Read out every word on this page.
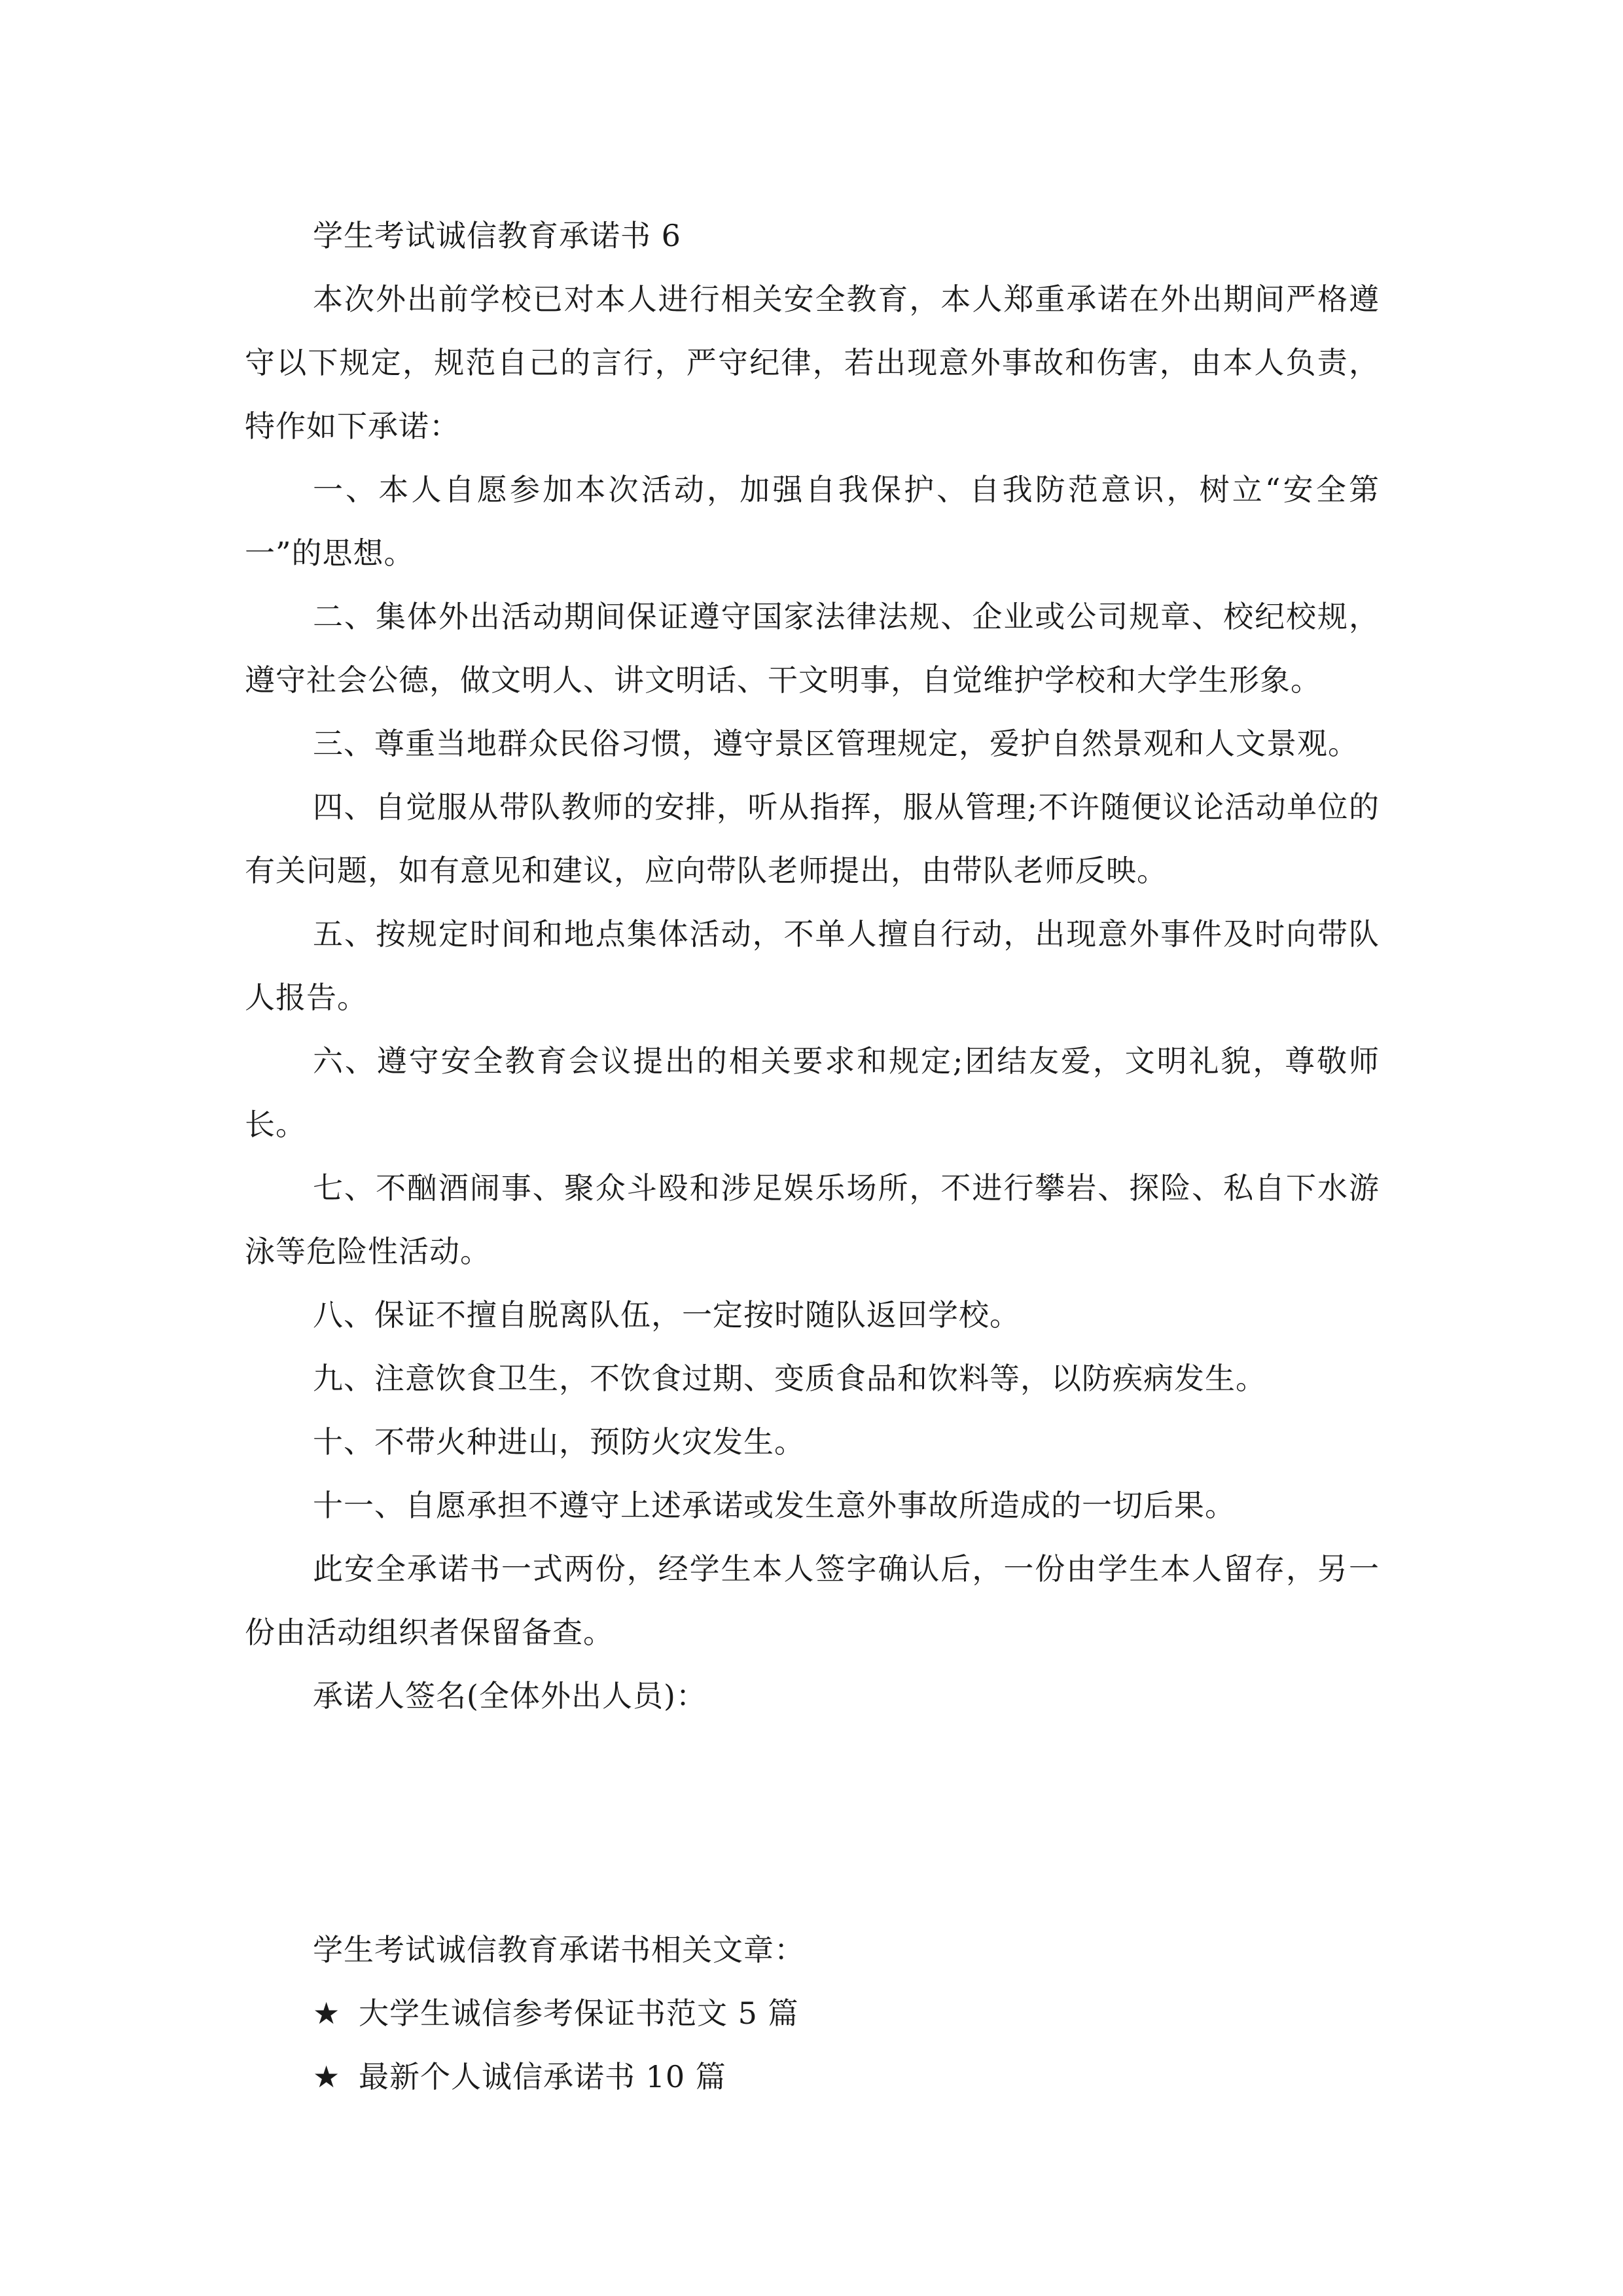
学生考试诚信教育承诺书 6

本次外出前学校已对本人进行相关安全教育，本人郑重承诺在外出期间严格遵守以下规定，规范自己的言行，严守纪律，若出现意外事故和伤害，由本人负责，特作如下承诺：

一、本人自愿参加本次活动，加强自我保护、自我防范意识，树立“安全第一”的思想。

二、集体外出活动期间保证遵守国家法律法规、企业或公司规章、校纪校规，遵守社会公德，做文明人、讲文明话、干文明事，自觉维护学校和大学生形象。

三、尊重当地群众民俗习惯，遵守景区管理规定，爱护自然景观和人文景观。

四、自觉服从带队教师的安排，听从指挥，服从管理;不许随便议论活动单位的有关问题，如有意见和建议，应向带队老师提出，由带队老师反映。

五、按规定时间和地点集体活动，不单人擅自行动，出现意外事件及时向带队人报告。

六、遵守安全教育会议提出的相关要求和规定;团结友爱，文明礼貌，尊敬师长。

七、不酗酒闹事、聚众斗殴和涉足娱乐场所，不进行攀岩、探险、私自下水游泳等危险性活动。

八、保证不擅自脱离队伍，一定按时随队返回学校。

九、注意饮食卫生，不饮食过期、变质食品和饮料等，以防疾病发生。

十、不带火种进山，预防火灾发生。

十一、自愿承担不遵守上述承诺或发生意外事故所造成的一切后果。

此安全承诺书一式两份，经学生本人签字确认后，一份由学生本人留存，另一份由活动组织者保留备查。

承诺人签名(全体外出人员)：

学生考试诚信教育承诺书相关文章：

★ 大学生诚信参考保证书范文 5 篇

★ 最新个人诚信承诺书 10 篇
